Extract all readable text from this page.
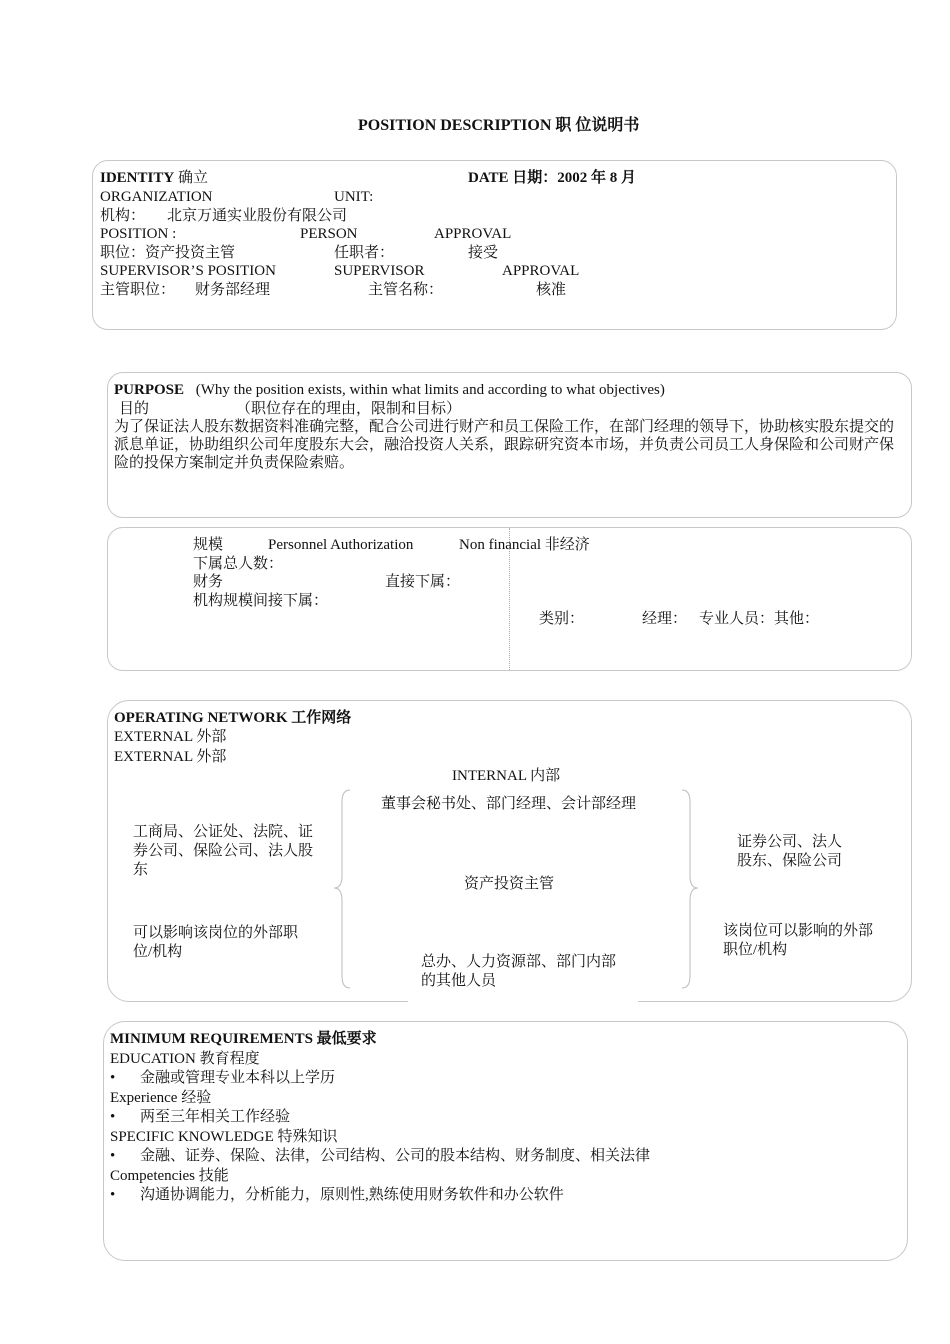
POSITION DESCRIPTION 职 位说明书
IDENTITY 确立	DATE 日期：2002 年 8 月
ORGANIZATION	UNIT:
机构： 北京万通实业股份有限公司
POSITION :	PERSON	APPROVAL
职位：资产投资主管	任职者：	接受
SUPERVISOR’S POSITION	SUPERVISOR	APPROVAL
主管职位： 财务部经理	主管名称：	核准
PURPOSE (Why the position exists, within what limits and according to what objectives)
目的	（职位存在的理由，限制和目标）
为了保证法人股东数据资料准确完整，配合公司进行财产和员工保险工作，在部门经理的领导下，协助核实股东提交的派息单证，协助组织公司年度股东大会，融洽投资人关系，跟踪研究资本市场，并负责公司员工人身保险和公司财产保险的投保方案制定并负责保险索赔。
规模	Personnel Authorization	Non financial 非经济
下属总人数：
财务	直接下属：
机构规模间接下属：
类别：	经理： 专业人员：其他：
OPERATING NETWORK 工作网络
EXTERNAL 外部
EXTERNAL 外部
INTERNAL 内部
董事会秘书处、部门经理、会计部经理
工商局、公证处、法院、证券公司、保险公司、法人股东
资产投资主管
证券公司、法人股东、保险公司
可以影响该岗位的外部职位/机构
该岗位可以影响的外部职位/机构
总办、人力资源部、部门内部的其他人员
MINIMUM REQUIREMENTS 最低要求
EDUCATION 教育程度
• 金融或管理专业本科以上学历
Experience 经验
• 两至三年相关工作经验
SPECIFIC KNOWLEDGE 特殊知识
• 金融、证券、保险、法律，公司结构、公司的股本结构、财务制度、相关法律
Competencies 技能
• 沟通协调能力，分析能力，原则性,熟练使用财务软件和办公软件
